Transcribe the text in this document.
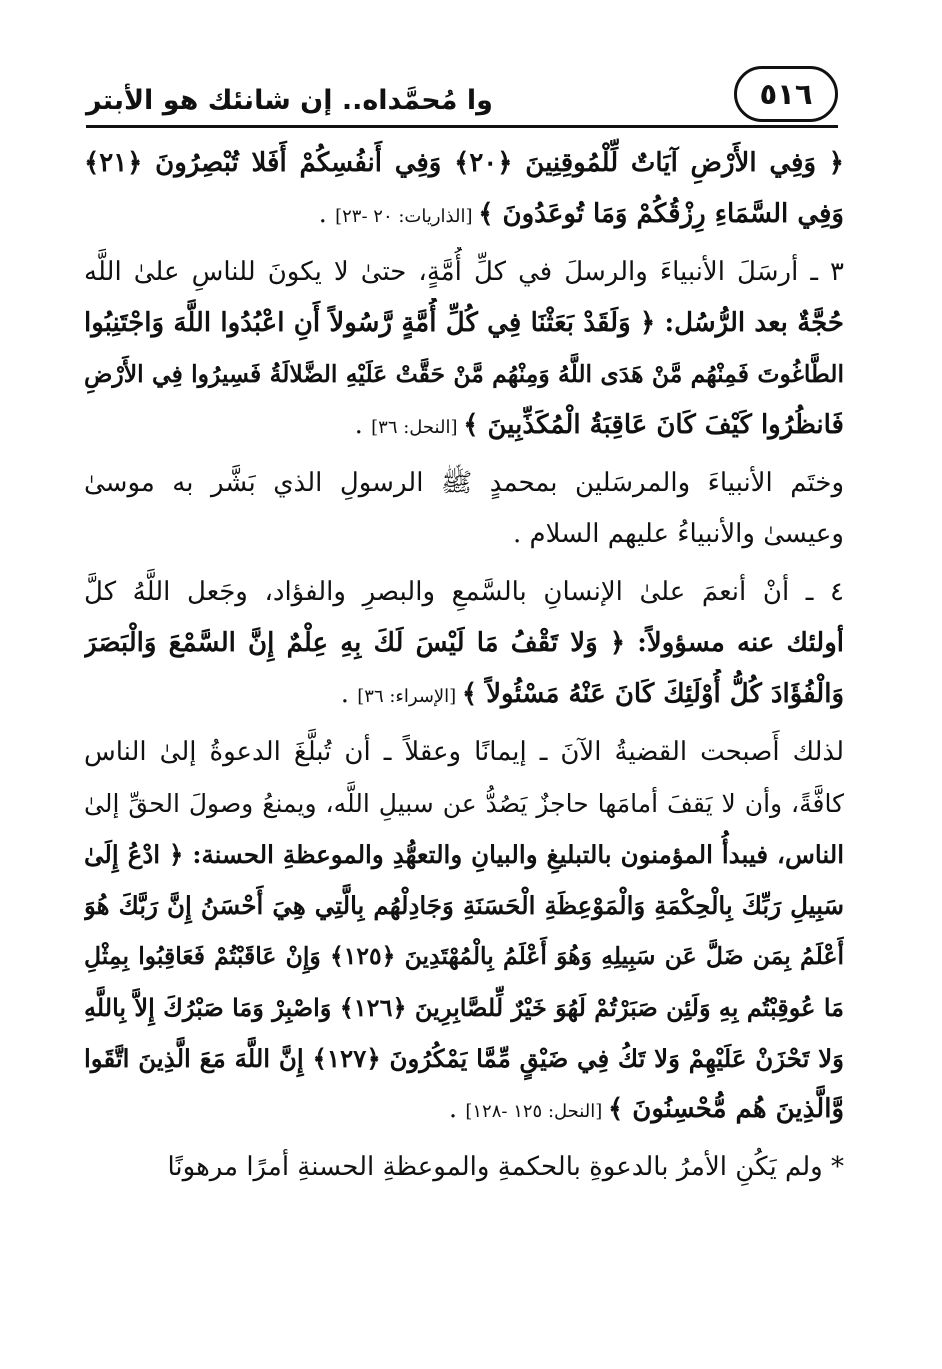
٥١٦
وا مُحمَّداه.. إن شانئك هو الأبتر
﴿ وَفِي الأَرْضِ آيَاتٌ لِّلْمُوقِنِينَ ﴿٢٠﴾ وَفِي أَنفُسِكُمْ أَفَلا تُبْصِرُونَ ﴿٢١﴾
وَفِي السَّمَاءِ رِزْقُكُمْ وَمَا تُوعَدُونَ ﴾ [الذاريات: ٢٠ -٢٣] .
٣ ـ أرسَلَ الأنبياءَ والرسلَ في كلِّ أُمَّةٍ، حتىٰ لا يكونَ للناسِ علىٰ اللَّه
حُجَّةٌ بعد الرُّسُل: ﴿ وَلَقَدْ بَعَثْنَا فِي كُلِّ أُمَّةٍ رَّسُولاً أَنِ اعْبُدُوا اللَّهَ وَاجْتَنِبُوا
الطَّاغُوتَ فَمِنْهُم مَّنْ هَدَى اللَّهُ وَمِنْهُم مَّنْ حَقَّتْ عَلَيْهِ الضَّلالَةُ فَسِيرُوا فِي الأَرْضِ
فَانظُرُوا كَيْفَ كَانَ عَاقِبَةُ الْمُكَذِّبِينَ ﴾ [النحل: ٣٦] .
وختَم الأنبياءَ والمرسَلين بمحمدٍ ﷺ الرسولِ الذي بَشَّر به موسىٰ
وعيسىٰ والأنبياءُ عليهم السلام .
٤ ـ أنْ أنعمَ علىٰ الإنسانِ بالسَّمعِ والبصرِ والفؤاد، وجَعل اللَّهُ كلَّ
أولئك عنه مسؤولاً: ﴿ وَلا تَقْفُ مَا لَيْسَ لَكَ بِهِ عِلْمٌ إِنَّ السَّمْعَ وَالْبَصَرَ
وَالْفُؤَادَ كُلُّ أُوْلَئِكَ كَانَ عَنْهُ مَسْئُولاً ﴾ [الإسراء: ٣٦] .
لذلك أَصبحت القضيةُ الآنَ ـ إيمانًا وعقلاً ـ أن تُبلَّغَ الدعوةُ إلىٰ الناس
كافَّةً، وأن لا يَقفَ أمامَها حاجزٌ يَصُدُّ عن سبيلِ اللَّه، ويمنعُ وصولَ الحقِّ إلىٰ
الناس، فيبدأُ المؤمنون بالتبليغِ والبيانِ والتعهُّدِ والموعظةِ الحسنة: ﴿ ادْعُ إِلَىٰ
سَبِيلِ رَبِّكَ بِالْحِكْمَةِ وَالْمَوْعِظَةِ الْحَسَنَةِ وَجَادِلْهُم بِالَّتِي هِيَ أَحْسَنُ إِنَّ رَبَّكَ هُوَ
أَعْلَمُ بِمَن ضَلَّ عَن سَبِيلِهِ وَهُوَ أَعْلَمُ بِالْمُهْتَدِينَ ﴿١٢٥﴾ وَإِنْ عَاقَبْتُمْ فَعَاقِبُوا بِمِثْلِ
مَا عُوقِبْتُم بِهِ وَلَئِن صَبَرْتُمْ لَهُوَ خَيْرٌ لِّلصَّابِرِينَ ﴿١٢٦﴾ وَاصْبِرْ وَمَا صَبْرُكَ إِلاَّ بِاللَّهِ
وَلا تَحْزَنْ عَلَيْهِمْ وَلا تَكُ فِي ضَيْقٍ مِّمَّا يَمْكُرُونَ ﴿١٢٧﴾ إِنَّ اللَّهَ مَعَ الَّذِينَ اتَّقَوا
وَّالَّذِينَ هُم مُّحْسِنُونَ ﴾ [النحل: ١٢٥ -١٢٨] .
* ولم يَكُنِ الأمرُ بالدعوةِ بالحكمةِ والموعظةِ الحسنةِ أمرًا مرهونًا
